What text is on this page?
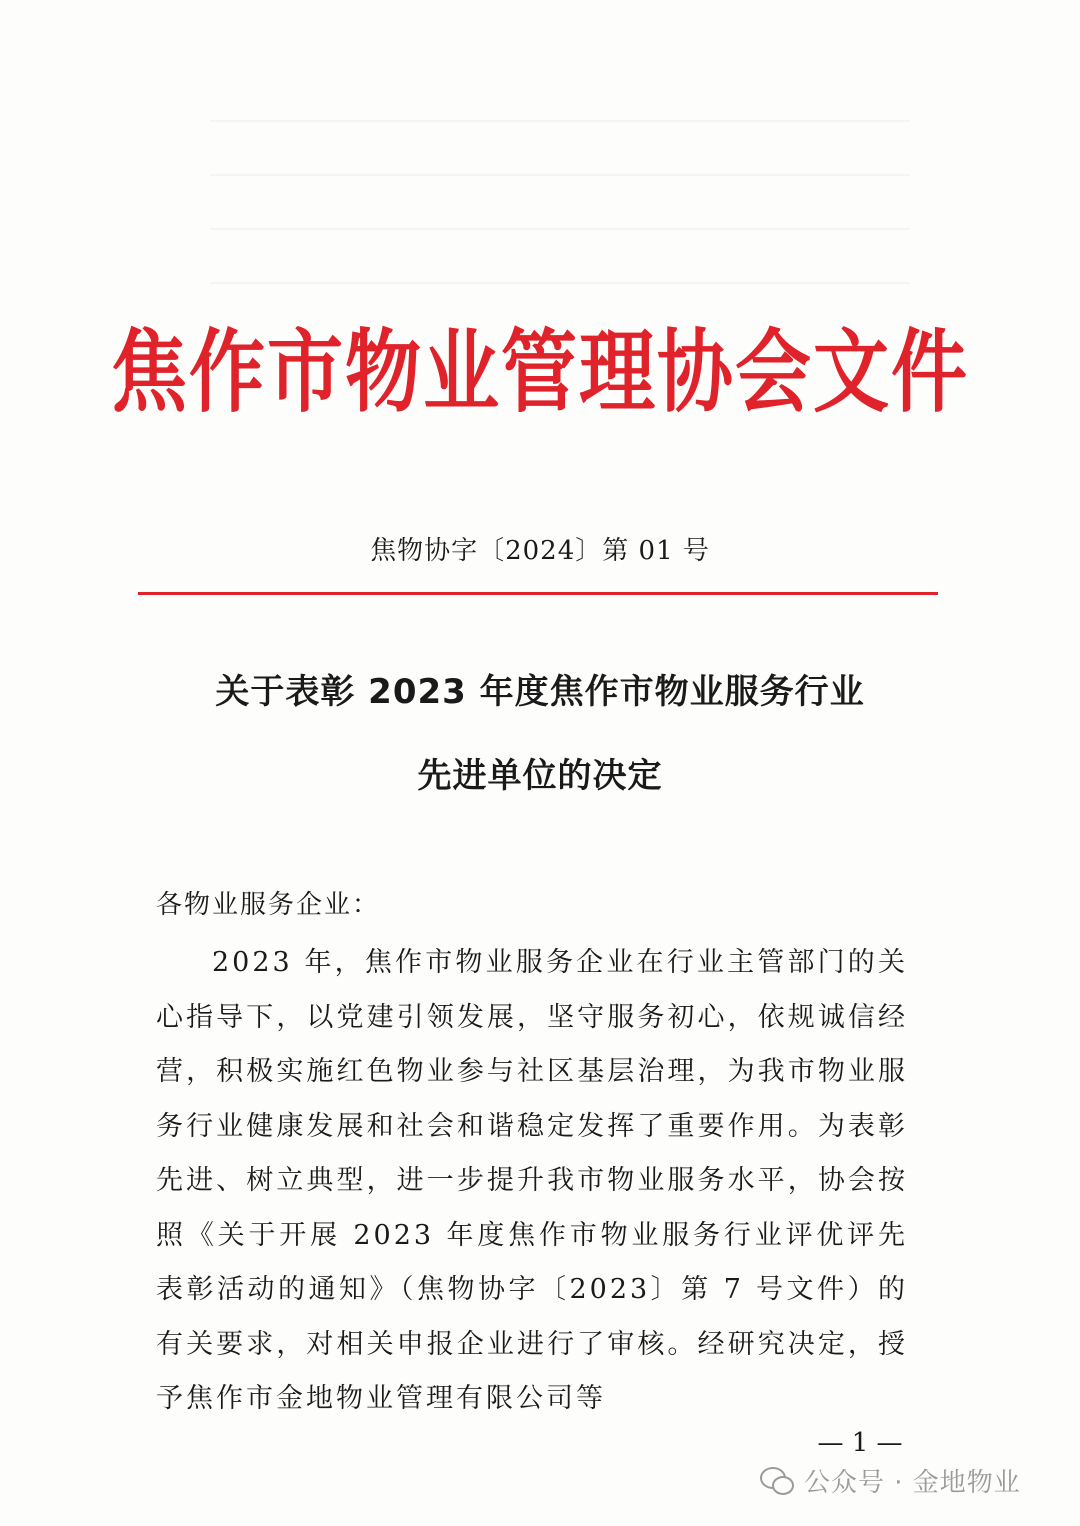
焦作市物业管理协会文件
焦物协字〔2024〕第 01 号
关于表彰 2023 年度焦作市物业服务行业
先进单位的决定
各物业服务企业：
2023 年，焦作市物业服务企业在行业主管部门的关心指导下，以党建引领发展，坚守服务初心，依规诚信经营，积极实施红色物业参与社区基层治理，为我市物业服务行业健康发展和社会和谐稳定发挥了重要作用。为表彰先进、树立典型，进一步提升我市物业服务水平，协会按照《关于开展 2023 年度焦作市物业服务行业评优评先表彰活动的通知》（焦物协字〔2023〕第 7 号文件）的有关要求，对相关申报企业进行了审核。经研究决定，授予焦作市金地物业管理有限公司等
— 1 —
公众号 · 金地物业
